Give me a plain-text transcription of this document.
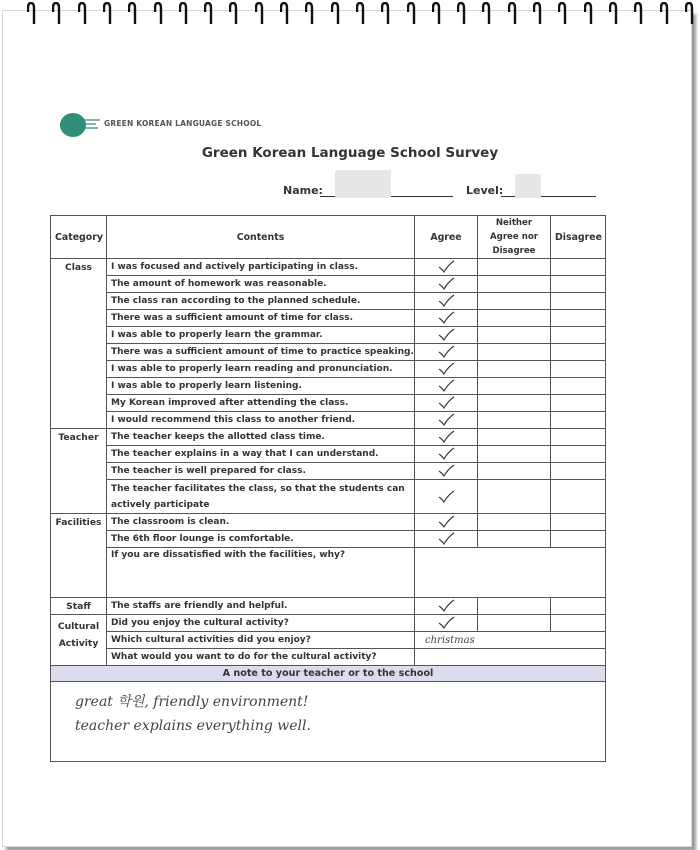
GREEN KOREAN LANGUAGE SCHOOL
Green Korean Language School Survey
Name:	Level:
Category	Contents	Agree	Neither Agree nor Disagree	Disagree
Class	I was focused and actively participating in class.	

	The amount of homework was reasonable.	

	The class ran according to the planned schedule.	

	There was a sufficient amount of time for class.	

	I was able to properly learn the grammar.	

	There was a sufficient amount of time to practice speaking.	

	I was able to properly learn reading and pronunciation.	

	I was able to properly learn listening.	

	My Korean improved after attending the class.	

	I would recommend this class to another friend.	

Teacher	The teacher keeps the allotted class time.	

	The teacher explains in a way that I can understand.	

	The teacher is well prepared for class.	

	The teacher facilitates the class, so that the students can actively participate	

Facilities	The classroom is clean.	

	The 6th floor lounge is comfortable.	

	If you are dissatisfied with the facilities, why?			
Staff	The staffs are friendly and helpful.	

Cultural Activity	Did you enjoy the cultural activity?	

	Which cultural activities did you enjoy?	christmas		
	What would you want to do for the cultural activity?			
A note to your teacher or to the school				

great 학원, friendly environment!
teacher explains everything well.				
